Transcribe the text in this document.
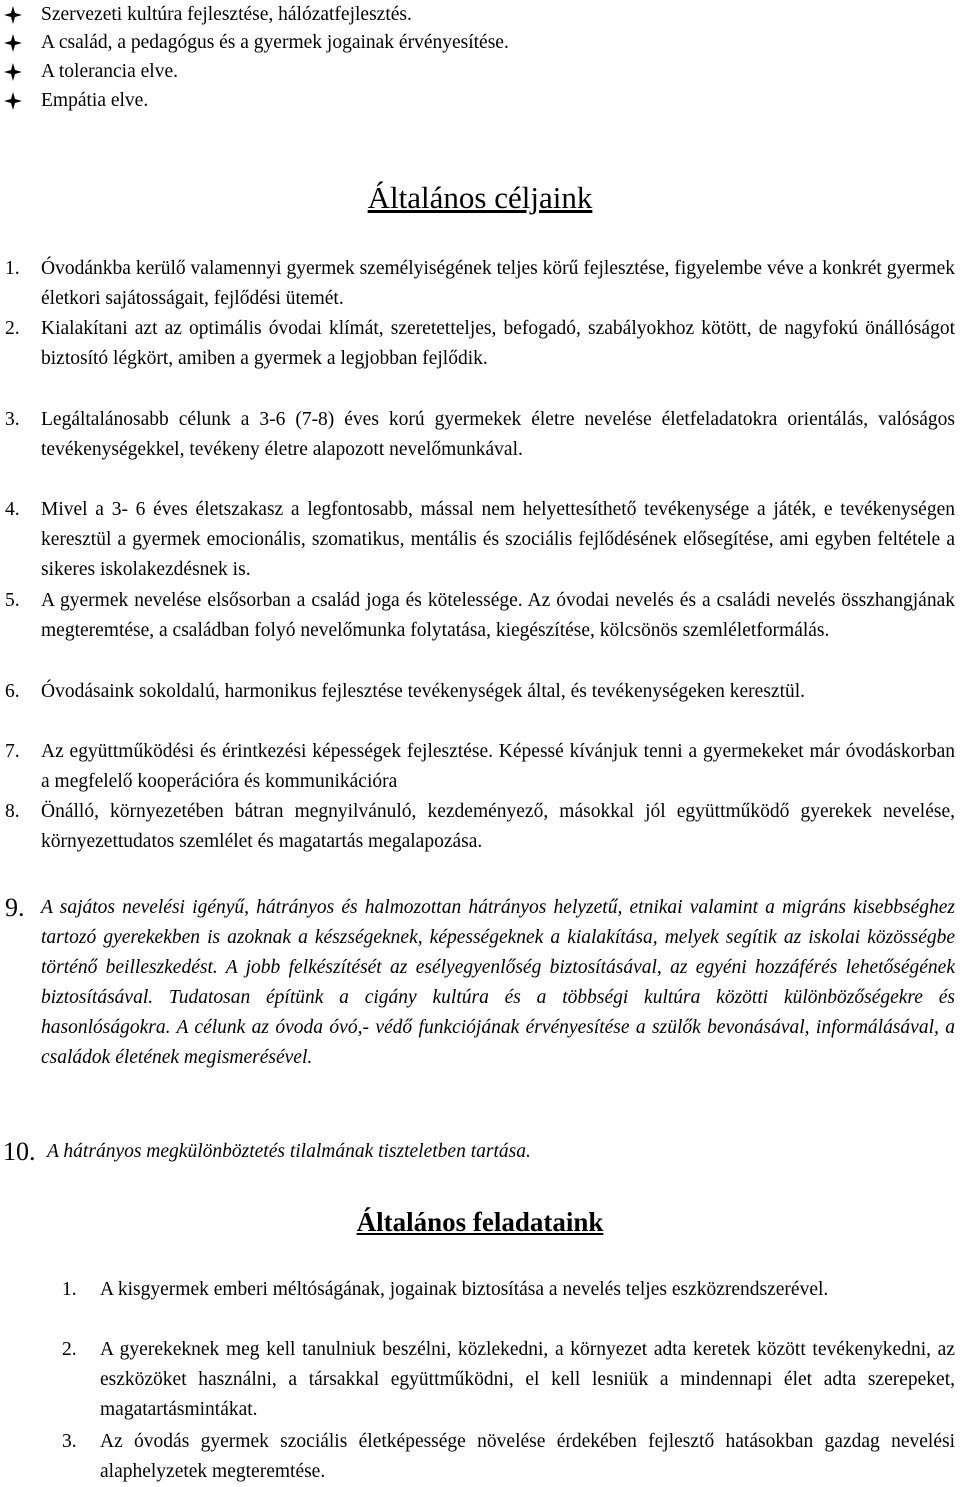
Szervezeti kultúra fejlesztése, hálózatfejlesztés.
A család, a pedagógus és a gyermek jogainak érvényesítése.
A tolerancia elve.
Empátia elve.
Általános céljaink
1. Óvodánkba kerülő valamennyi gyermek személyiségének teljes körű fejlesztése, figyelembe véve a konkrét gyermek életkori sajátosságait, fejlődési ütemét.
2. Kialakítani azt az optimális óvodai klímát, szeretetteljes, befogadó, szabályokhoz kötött, de nagyfokú önállóságot biztosító légkört, amiben a gyermek a legjobban fejlődik.
3. Legáltalánosabb célunk a 3-6 (7-8) éves korú gyermekek életre nevelése életfeladatokra orientálás, valóságos tevékenységekkel, tevékeny életre alapozott nevelőmunkával.
4. Mivel a 3- 6 éves életszakasz a legfontosabb, mással nem helyettesíthető tevékenysége a játék, e tevékenységen keresztül a gyermek emocionális, szomatikus, mentális és szociális fejlődésének elősegítése, ami egyben feltétele a sikeres iskolakezdésnek is.
5. A gyermek nevelése elsősorban a család joga és kötelessége. Az óvodai nevelés és a családi nevelés összhangjának megteremtése, a családban folyó nevelőmunka folytatása, kiegészítése, kölcsönös szemléletformálás.
6. Óvodásaink sokoldalú, harmonikus fejlesztése tevékenységek által, és tevékenységeken keresztül.
7. Az együttműködési és érintkezési képességek fejlesztése. Képessé kívánjuk tenni a gyermekeket már óvodáskorban a megfelelő kooperációra és kommunikációra
8. Önálló, környezetében bátran megnyilvánuló, kezdeményező, másokkal jól együttműködő gyerekek nevelése, környezettudatos szemlélet és magatartás megalapozása.
9. A sajátos nevelési igényű, hátrányos és halmozottan hátrányos helyzetű, etnikai valamint a migráns kisebbséghez tartozó gyerekekben is azoknak a készségeknek, képességeknek a kialakítása, melyek segítik az iskolai közösségbe történő beilleszkedést. A jobb felkészítését az esélyegyenlőség biztosításával, az egyéni hozzáférés lehetőségének biztosításával. Tudatosan építünk a cigány kultúra és a többségi kultúra közötti különbözőségekre és hasonlóságokra. A célunk az óvoda óvó,- védő funkciójának érvényesítése a szülők bevonásával, informálásával, a családok életének megismerésével.
10. A hátrányos megkülönböztetés tilalmának tiszteletben tartása.
Általános feladataink
1. A kisgyermek emberi méltóságának, jogainak biztosítása a nevelés teljes eszközrendszerével.
2. A gyerekeknek meg kell tanulniuk beszélni, közlekedni, a környezet adta keretek között tevékenykedni, az eszközöket használni, a társakkal együttműködni, el kell lesniük a mindennapi élet adta szerepeket, magatartásmintákat.
3. Az óvodás gyermek szociális életképessége növelése érdekében fejlesztő hatásokban gazdag nevelési alaphelyzetek megteremtése.
